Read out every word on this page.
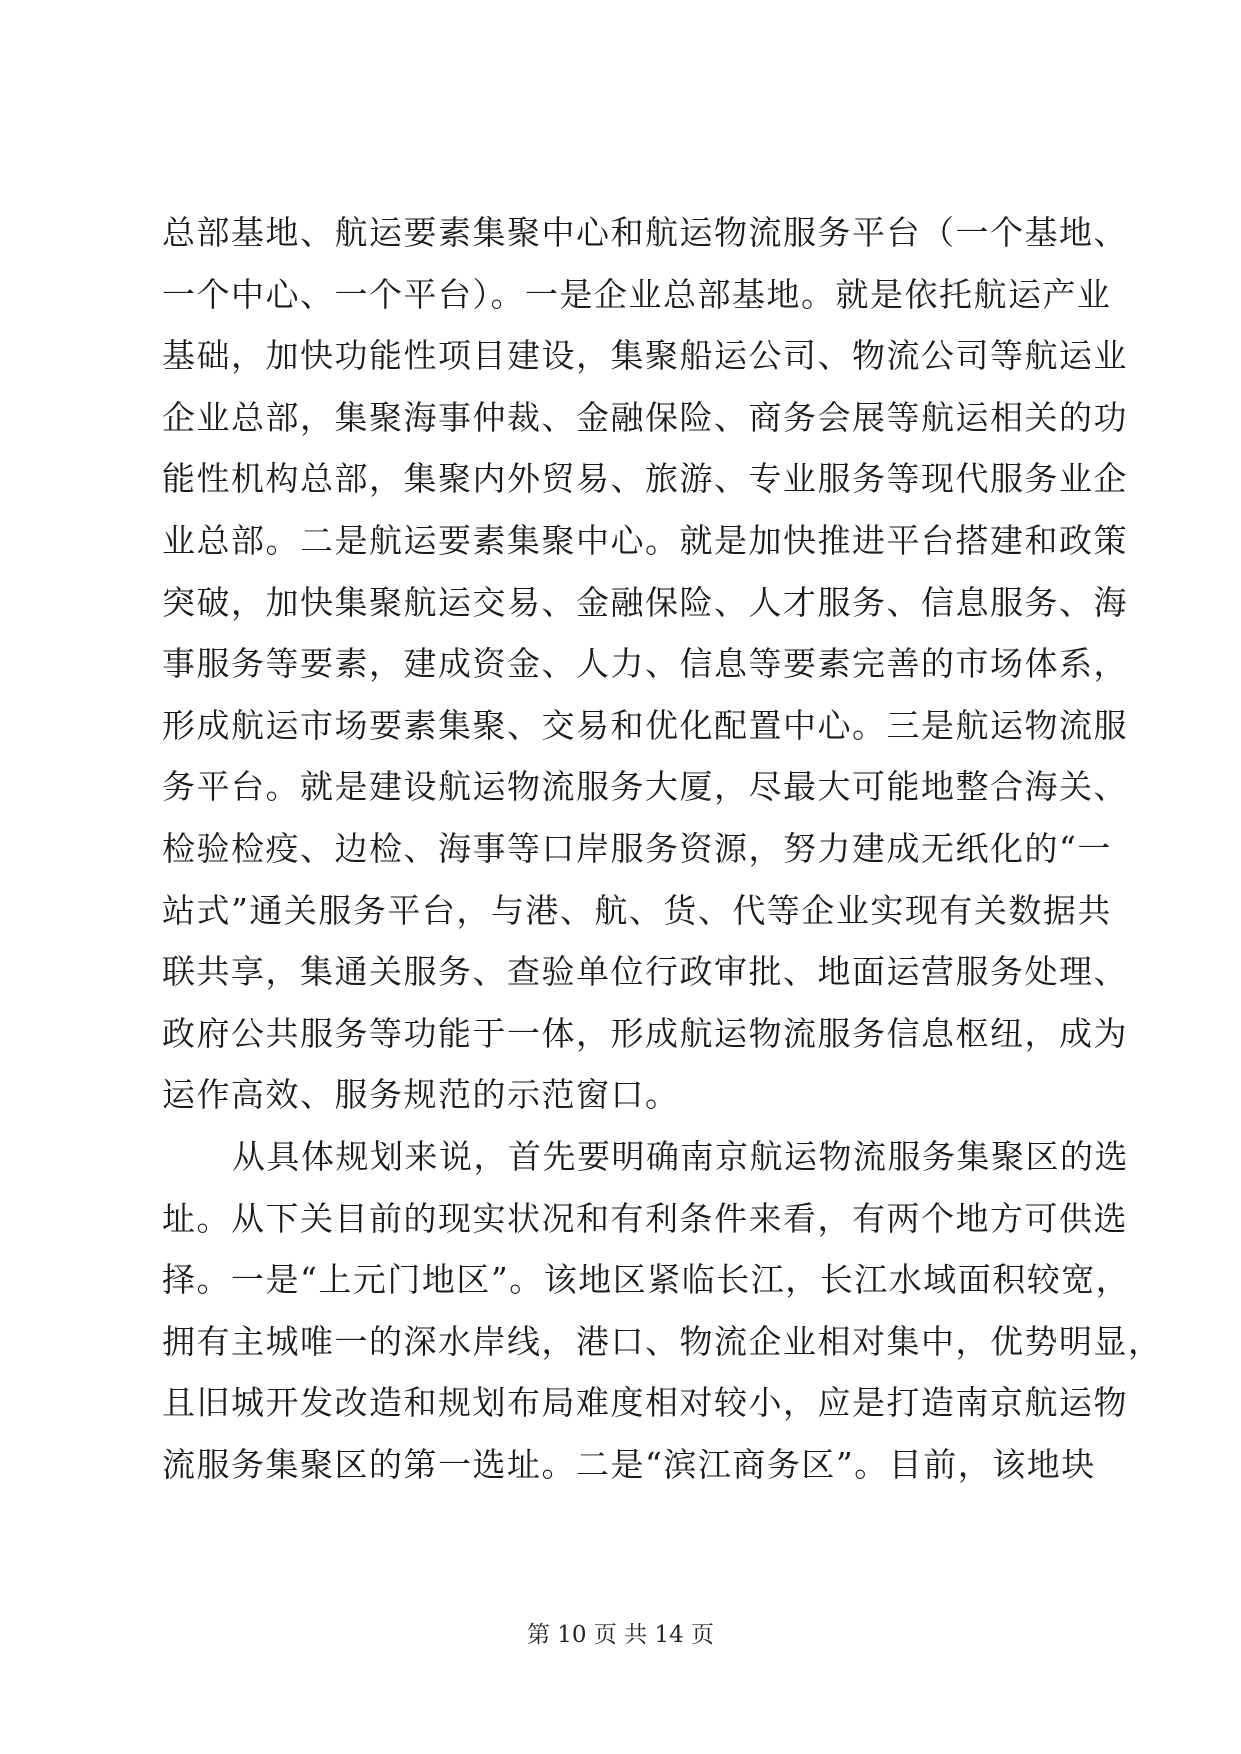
总部基地、航运要素集聚中心和航运物流服务平台（一个基地、
一个中心、一个平台）。一是企业总部基地。就是依托航运产业
基础，加快功能性项目建设，集聚船运公司、物流公司等航运业
企业总部，集聚海事仲裁、金融保险、商务会展等航运相关的功
能性机构总部，集聚内外贸易、旅游、专业服务等现代服务业企
业总部。二是航运要素集聚中心。就是加快推进平台搭建和政策
突破，加快集聚航运交易、金融保险、人才服务、信息服务、海
事服务等要素，建成资金、人力、信息等要素完善的市场体系，
形成航运市场要素集聚、交易和优化配置中心。三是航运物流服
务平台。就是建设航运物流服务大厦，尽最大可能地整合海关、
检验检疫、边检、海事等口岸服务资源，努力建成无纸化的“一
站式”通关服务平台，与港、航、货、代等企业实现有关数据共
联共享，集通关服务、查验单位行政审批、地面运营服务处理、
政府公共服务等功能于一体，形成航运物流服务信息枢纽，成为
运作高效、服务规范的示范窗口。
从具体规划来说，首先要明确南京航运物流服务集聚区的选
址。从下关目前的现实状况和有利条件来看，有两个地方可供选
择。一是“上元门地区”。该地区紧临长江，长江水域面积较宽，
拥有主城唯一的深水岸线，港口、物流企业相对集中，优势明显，
且旧城开发改造和规划布局难度相对较小，应是打造南京航运物
流服务集聚区的第一选址。二是“滨江商务区”。目前，该地块
第 10 页 共 14 页
